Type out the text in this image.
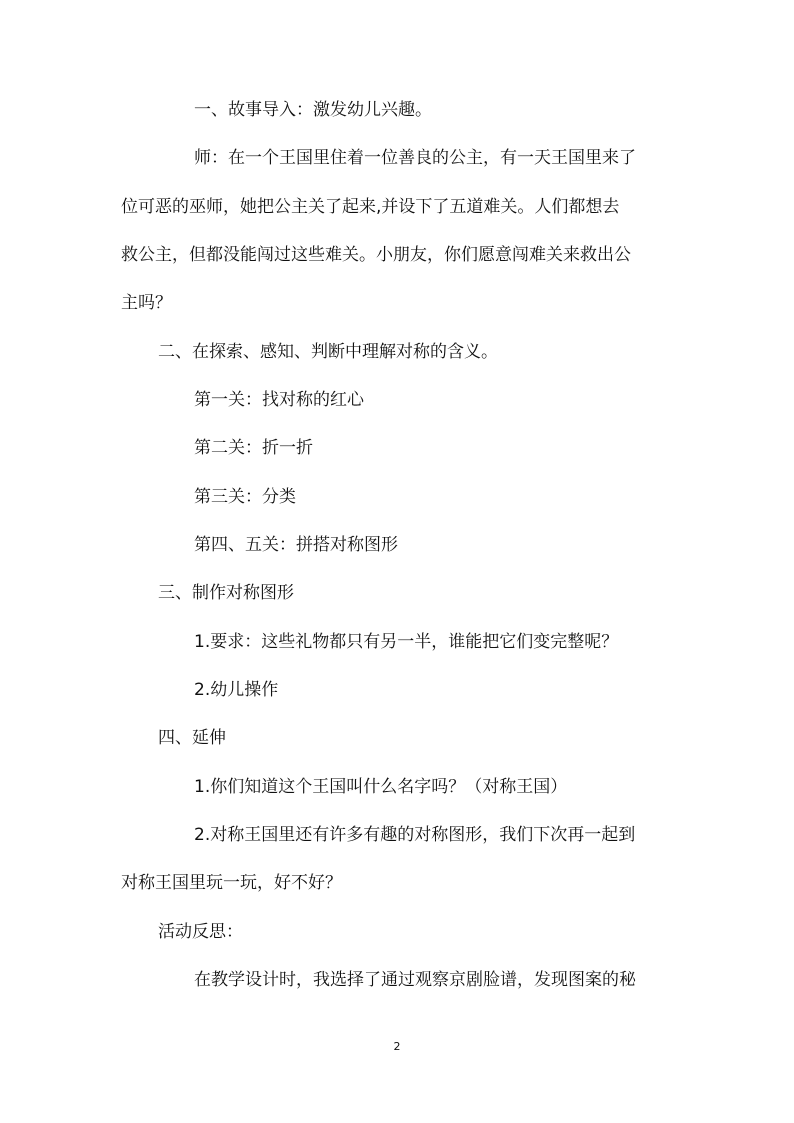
一、故事导入：激发幼儿兴趣。
师：在一个王国里住着一位善良的公主，有一天王国里来了
位可恶的巫师，她把公主关了起来,并设下了五道难关。人们都想去
救公主，但都没能闯过这些难关。小朋友，你们愿意闯难关来救出公
主吗？
二、在探索、感知、判断中理解对称的含义。
第一关：找对称的红心
第二关：折一折
第三关：分类
第四、五关：拼搭对称图形
三、制作对称图形
1.要求：这些礼物都只有另一半，谁能把它们变完整呢？
2.幼儿操作
四、延伸
1.你们知道这个王国叫什么名字吗？（对称王国）
2.对称王国里还有许多有趣的对称图形，我们下次再一起到
对称王国里玩一玩，好不好？
活动反思：
在教学设计时，我选择了通过观察京剧脸谱，发现图案的秘
2
